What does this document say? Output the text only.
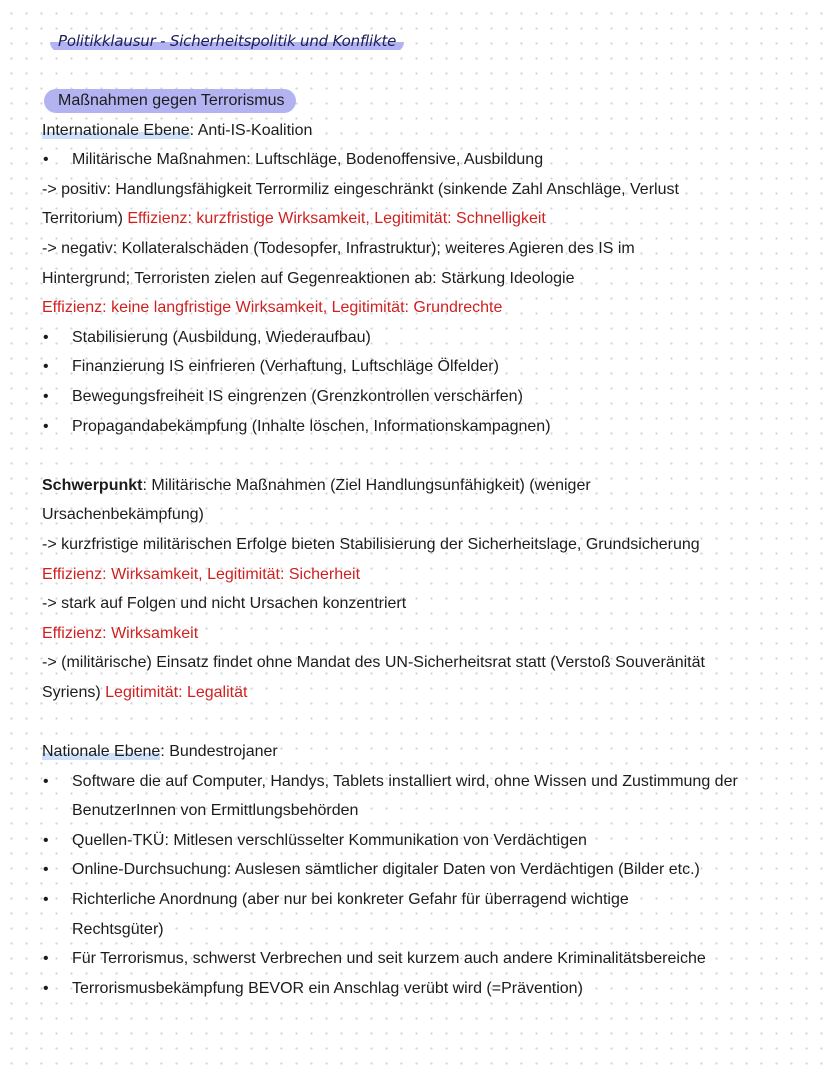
Politikklausur - Sicherheitspolitik und Konflikte
Maßnahmen gegen Terrorismus
Internationale Ebene: Anti-IS-Koalition

• Militärische Maßnahmen: Luftschläge, Bodenoffensive, Ausbildung

-> positiv: Handlungsfähigkeit Terrormiliz eingeschränkt (sinkende Zahl Anschläge, Verlust
Territorium) Effizienz: kurzfristige Wirksamkeit, Legitimität: Schnelligkeit
-> negativ: Kollateralschäden (Todesopfer, Infrastruktur); weiteres Agieren des IS im
Hintergrund; Terroristen zielen auf Gegenreaktionen ab: Stärkung Ideologie
Effizienz: keine langfristige Wirksamkeit, Legitimität: Grundrechte

• Stabilisierung (Ausbildung, Wiederaufbau)

• Finanzierung IS einfrieren (Verhaftung, Luftschläge Ölfelder)

• Bewegungsfreiheit IS eingrenzen (Grenzkontrollen verschärfen)

• Propagandabekämpfung (Inhalte löschen, Informationskampagnen)

Schwerpunkt: Militärische Maßnahmen (Ziel Handlungsunfähigkeit) (weniger
Ursachenbekämpfung)
-> kurzfristige militärischen Erfolge bieten Stabilisierung der Sicherheitslage, Grundsicherung
Effizienz: Wirksamkeit, Legitimität: Sicherheit
-> stark auf Folgen und nicht Ursachen konzentriert
Effizienz: Wirksamkeit
-> (militärische) Einsatz findet ohne Mandat des UN-Sicherheitsrat statt (Verstoß Souveränität
Syriens) Legitimität: Legalität
Nationale Ebene: Bundestrojaner

• Software die auf Computer, Handys, Tablets installiert wird, ohne Wissen und Zustimmung der BenutzerInnen von Ermittlungsbehörden

• Quellen-TKÜ: Mitlesen verschlüsselter Kommunikation von Verdächtigen

• Online-Durchsuchung: Auslesen sämtlicher digitaler Daten von Verdächtigen (Bilder etc.)

• Richterliche Anordnung (aber nur bei konkreter Gefahr für überragend wichtige Rechtsgüter)

• Für Terrorismus, schwerst Verbrechen und seit kurzem auch andere Kriminalitätsbereiche

• Terrorismusbekämpfung BEVOR ein Anschlag verübt wird (=Prävention)
